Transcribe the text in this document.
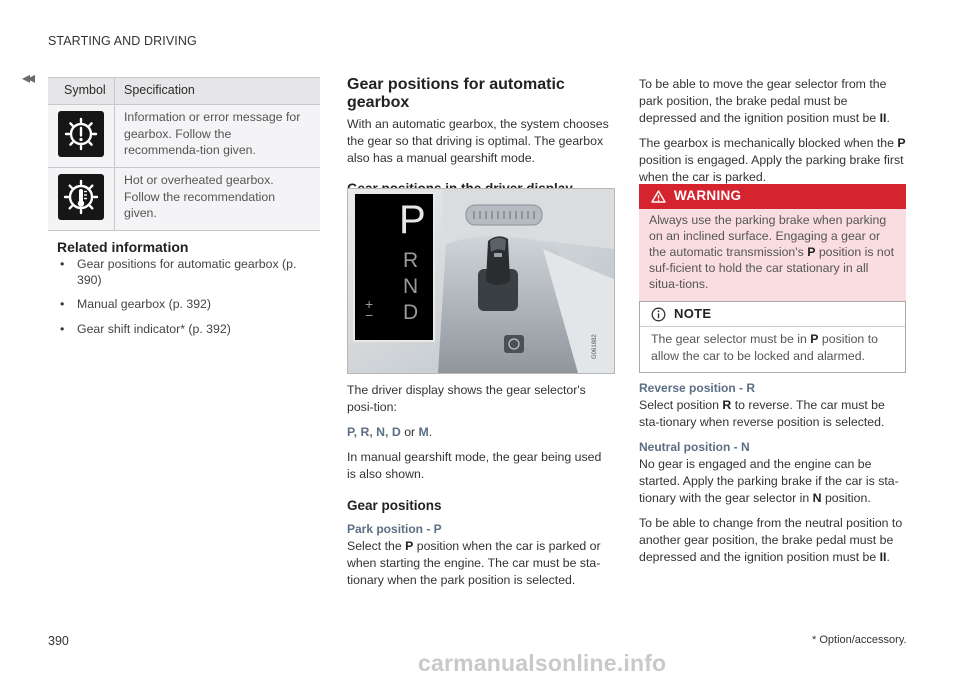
STARTING AND DRIVING
◂◂
Symbol	Specification
Information or error message for gearbox. Follow the recommenda-tion given.
Hot or overheated gearbox. Follow the recommendation given.
Related information
• Gear positions for automatic gearbox (p. 390)
• Manual gearbox (p. 392)
• Gear shift indicator* (p. 392)
Gear positions for automatic gearbox

With an automatic gearbox, the system chooses the gear so that driving is optimal. The gearbox also has a manual gearshift mode.

G061882
P
R
N
D
+
−

The driver display shows the gear selector's posi-tion:

P, R, N, D or M.

In manual gearshift mode, the gear being used is also shown.

Gear positions
Park position - P

Select the P position when the car is parked or when starting the engine. The car must be sta-tionary when the park position is selected.

To be able to move the gear selector from the park position, the brake pedal must be depressed and the ignition position must be II.

The gearbox is mechanically blocked when the P position is engaged. Apply the parking brake first when the car is parked.

WARNING
Always use the parking brake when parking on an inclined surface. Engaging a gear or the automatic transmission's P position is not suf-ficient to hold the car stationary in all situa-tions.
NOTE
The gear selector must be in P position to allow the car to be locked and alarmed.
Reverse position - R

Select position R to reverse. The car must be sta-tionary when reverse position is selected.

Neutral position - N

No gear is engaged and the engine can be started. Apply the parking brake if the car is sta-tionary with the gear selector in N position.

To be able to change from the neutral position to another gear position, the brake pedal must be depressed and the ignition position must be II.

390	* Option/accessory.
carmanualsonline.info
